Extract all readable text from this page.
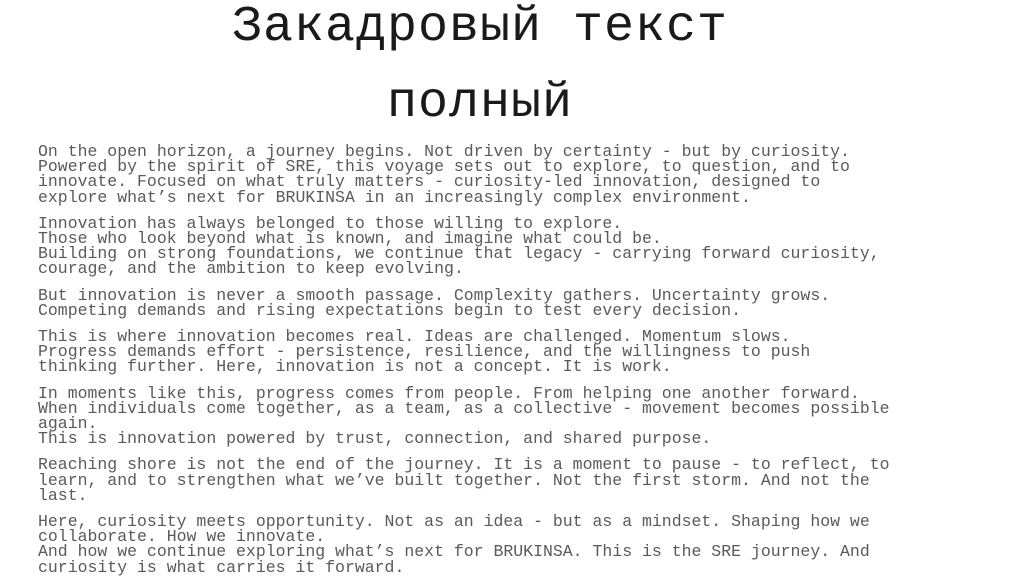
Закадровый текст
полный
On the open horizon, a journey begins. Not driven by certainty - but by curiosity.
Powered by the spirit of SRE, this voyage sets out to explore, to question, and to
innovate. Focused on what truly matters - curiosity-led innovation, designed to
explore what’s next for BRUKINSA in an increasingly complex environment.
Innovation has always belonged to those willing to explore.
Those who look beyond what is known, and imagine what could be.
Building on strong foundations, we continue that legacy - carrying forward curiosity,
courage, and the ambition to keep evolving.
But innovation is never a smooth passage. Complexity gathers. Uncertainty grows.
Competing demands and rising expectations begin to test every decision.
This is where innovation becomes real. Ideas are challenged. Momentum slows.
Progress demands effort - persistence, resilience, and the willingness to push
thinking further. Here, innovation is not a concept. It is work.
In moments like this, progress comes from people. From helping one another forward.
When individuals come together, as a team, as a collective - movement becomes possible
again.
This is innovation powered by trust, connection, and shared purpose.
Reaching shore is not the end of the journey. It is a moment to pause - to reflect, to
learn, and to strengthen what we’ve built together. Not the first storm. And not the
last.
Here, curiosity meets opportunity. Not as an idea - but as a mindset. Shaping how we
collaborate. How we innovate.
And how we continue exploring what’s next for BRUKINSA. This is the SRE journey. And
curiosity is what carries it forward.
